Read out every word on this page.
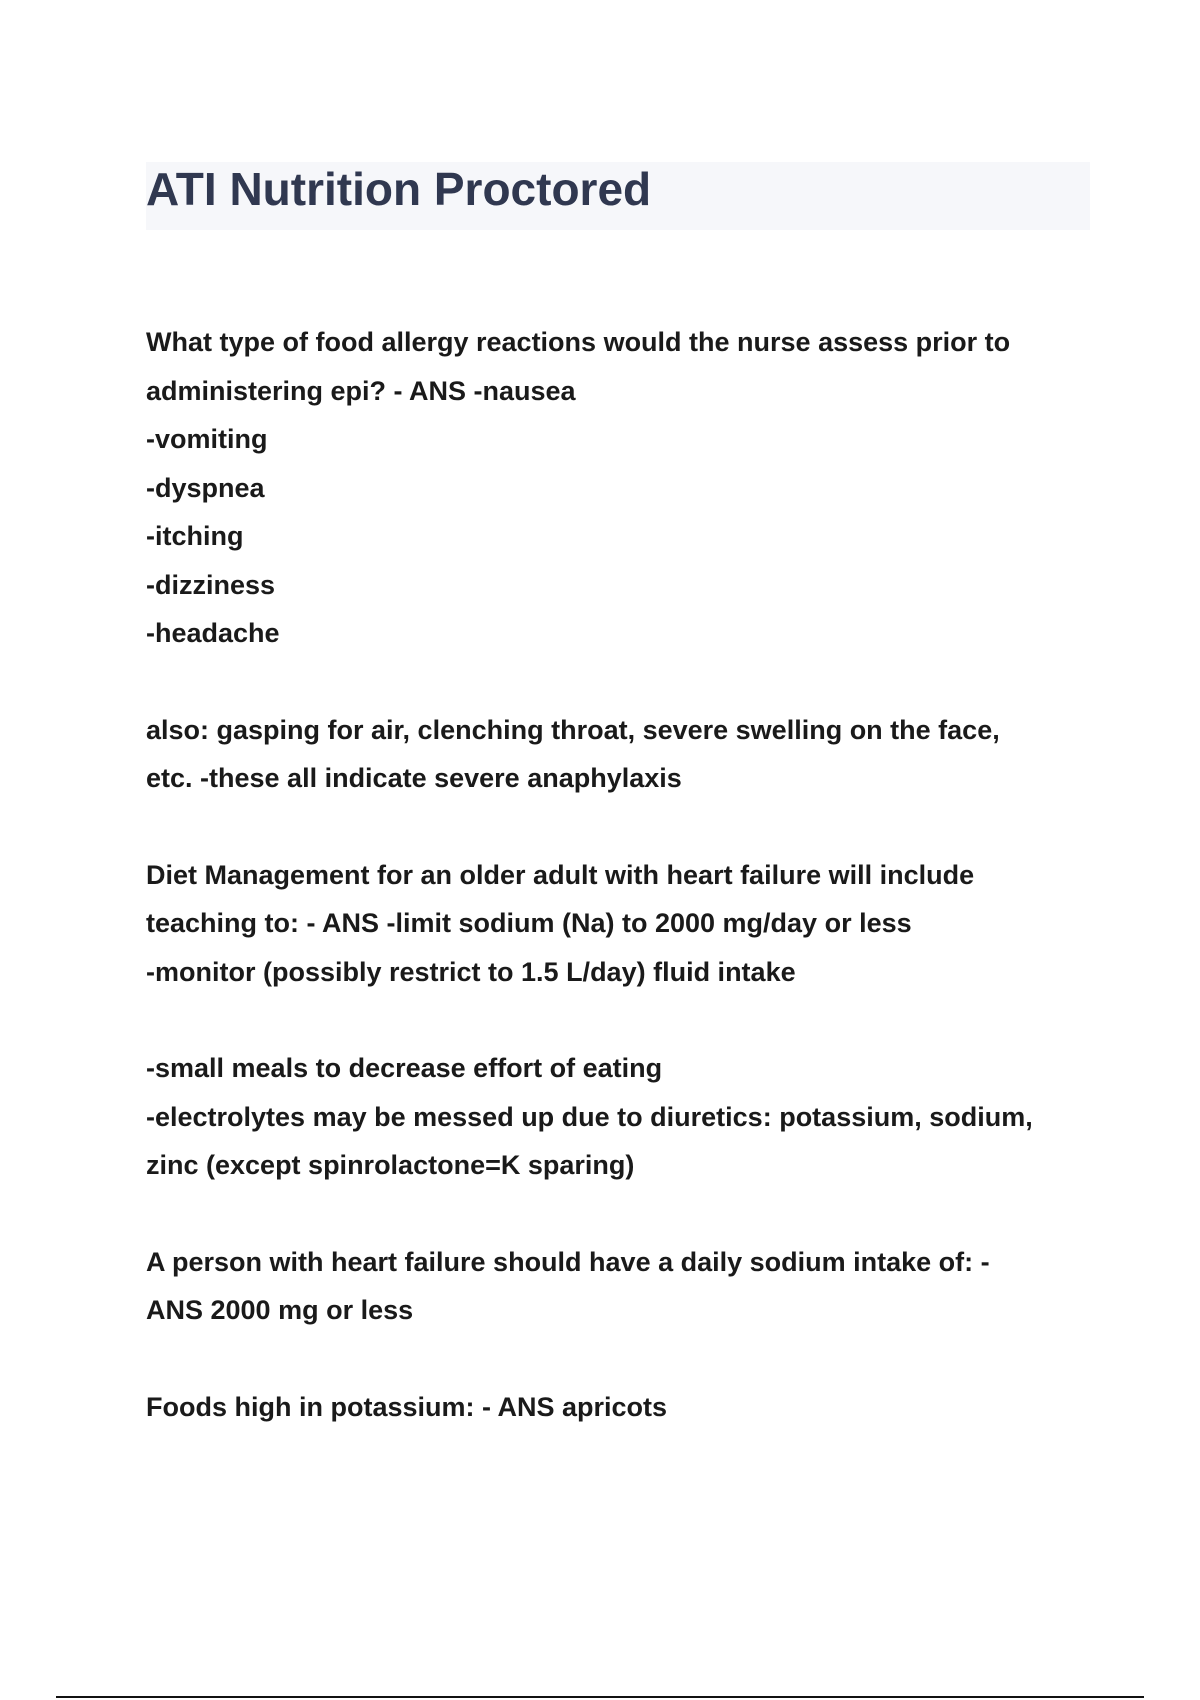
ATI Nutrition Proctored
What type of food allergy reactions would the nurse assess prior to
administering epi? - ANS -nausea
-vomiting
-dyspnea
-itching
-dizziness
-headache
also: gasping for air, clenching throat, severe swelling on the face,
etc. -these all indicate severe anaphylaxis
Diet Management for an older adult with heart failure will include
teaching to: - ANS -limit sodium (Na) to 2000 mg/day or less
-monitor (possibly restrict to 1.5 L/day) fluid intake
-small meals to decrease effort of eating
-electrolytes may be messed up due to diuretics: potassium, sodium,
zinc (except spinrolactone=K sparing)
A person with heart failure should have a daily sodium intake of: -
ANS 2000 mg or less
Foods high in potassium: - ANS apricots
